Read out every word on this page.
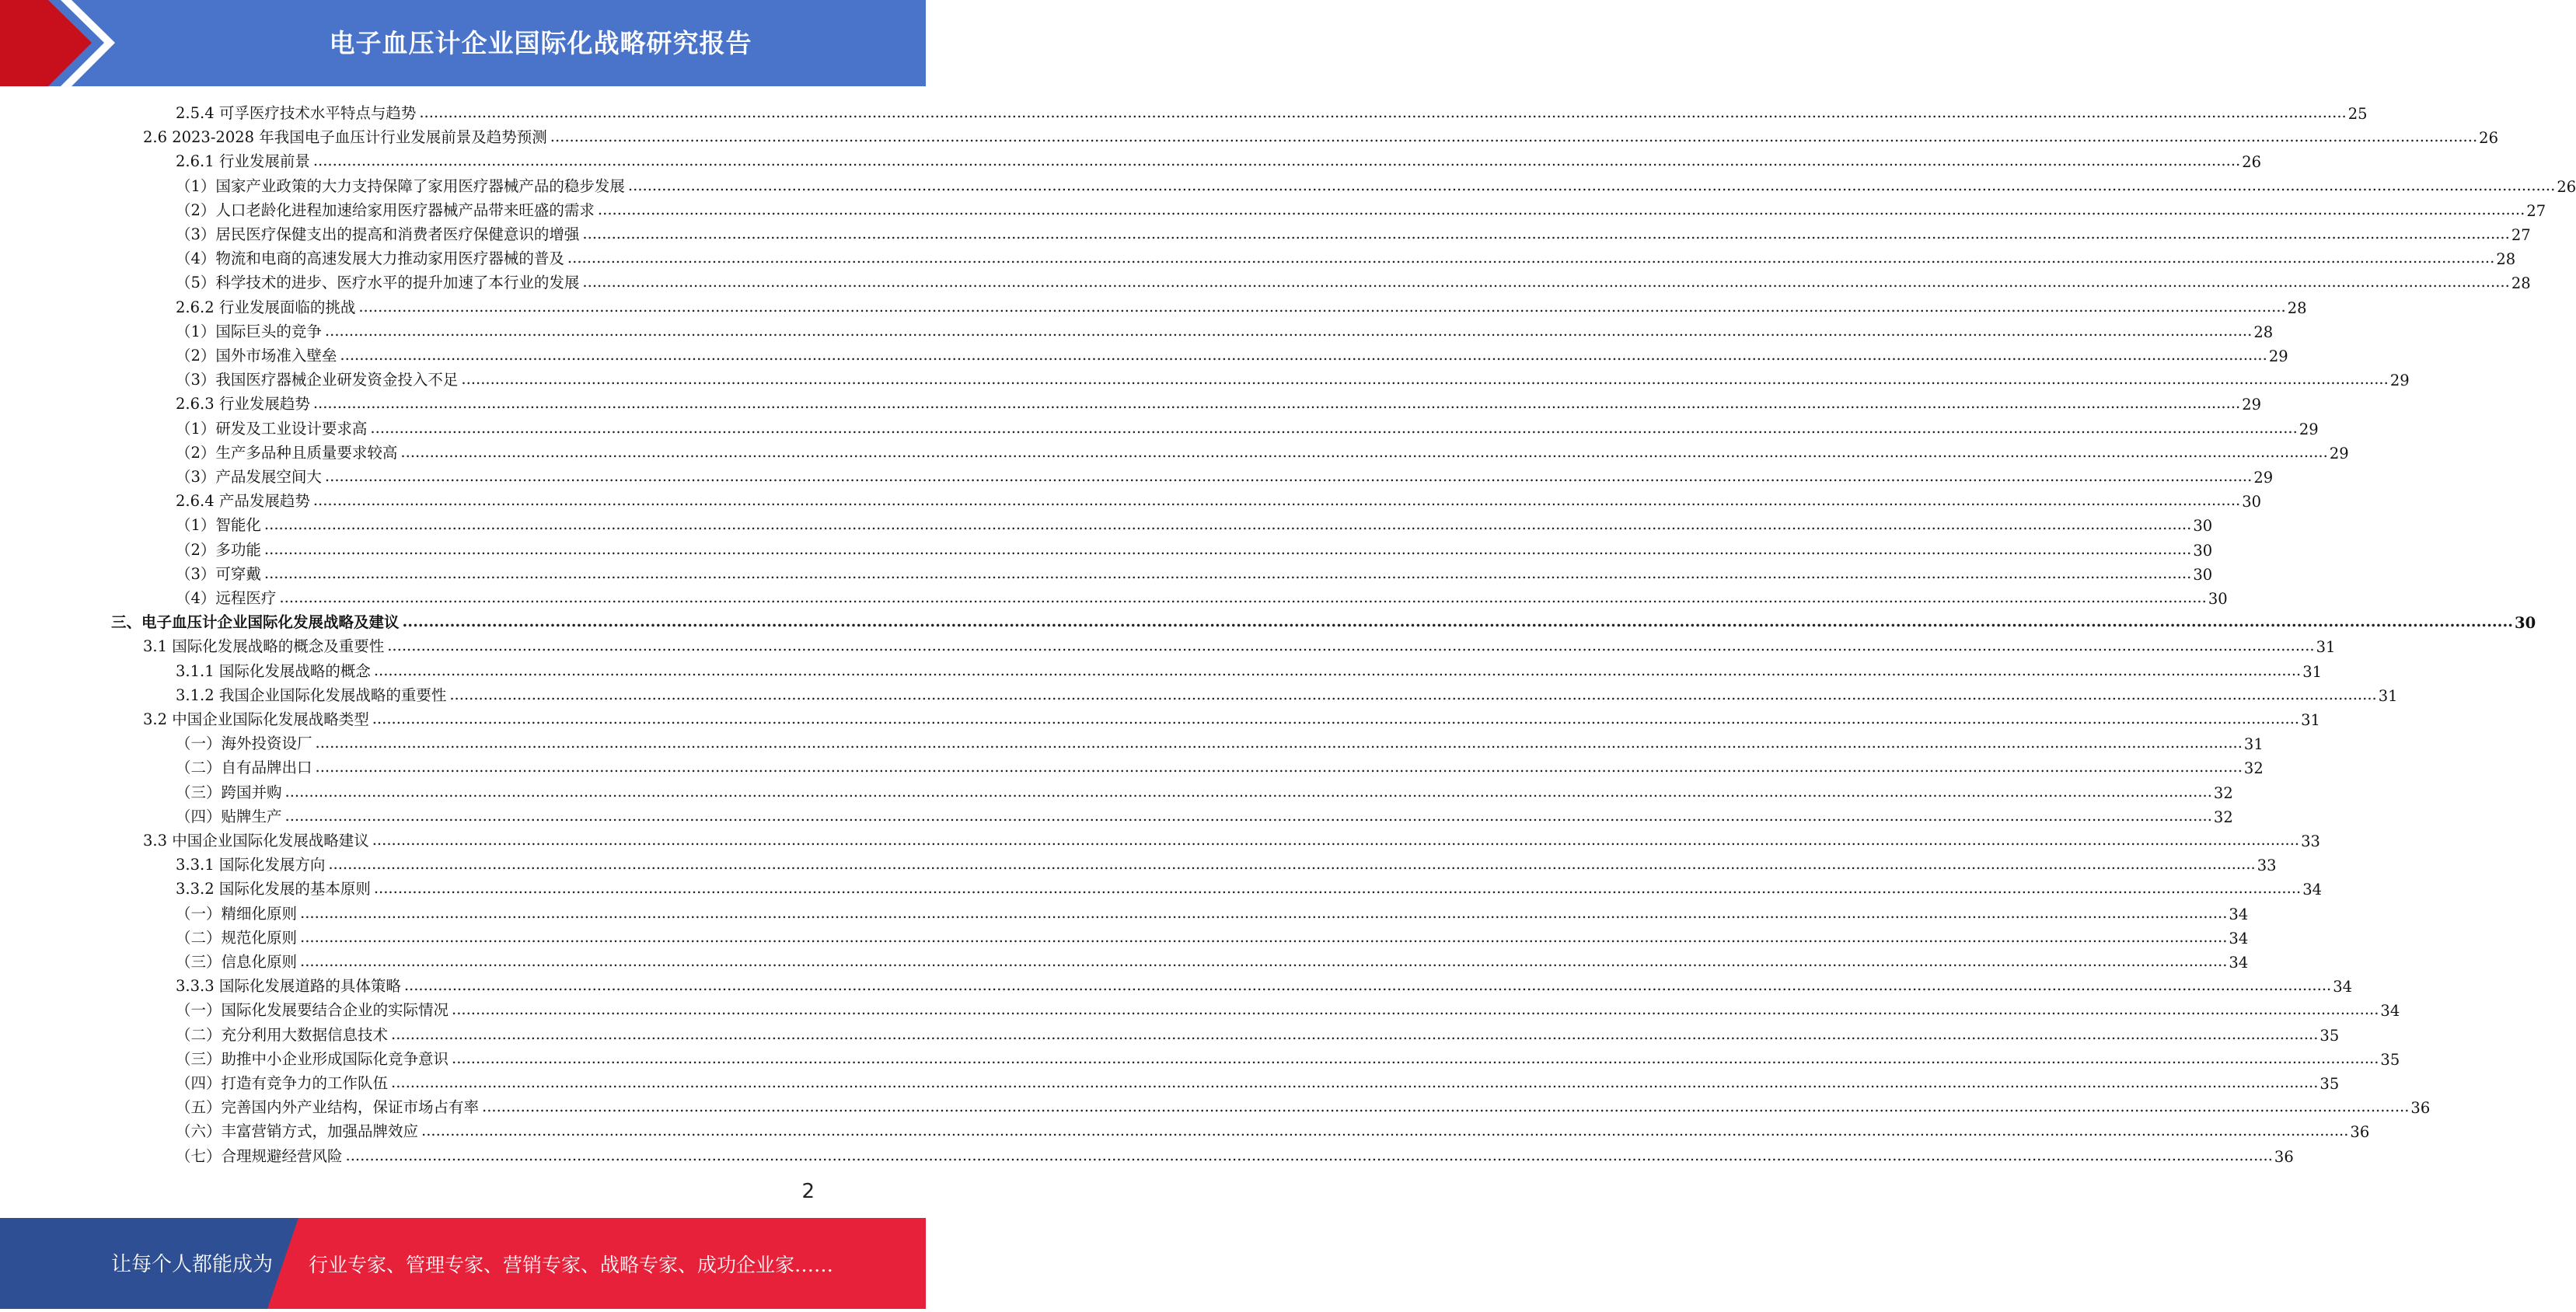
电子血压计企业国际化战略研究报告
2.5.4 可孚医疗技术水平特点与趋势 ................................................................................................................................................................................................................................................................................................................................................................................................................ 25
2.6 2023-2028 年我国电子血压计行业发展前景及趋势预测 ................................................................................................................................................................................................................................................................................................................................................................................................................ 26
2.6.1 行业发展前景 ................................................................................................................................................................................................................................................................................................................................................................................................................ 26
（1）国家产业政策的大力支持保障了家用医疗器械产品的稳步发展 ................................................................................................................................................................................................................................................................................................................................................................................................................ 26
（2）人口老龄化进程加速给家用医疗器械产品带来旺盛的需求 ................................................................................................................................................................................................................................................................................................................................................................................................................ 27
（3）居民医疗保健支出的提高和消费者医疗保健意识的增强 ................................................................................................................................................................................................................................................................................................................................................................................................................ 27
（4）物流和电商的高速发展大力推动家用医疗器械的普及 ................................................................................................................................................................................................................................................................................................................................................................................................................ 28
（5）科学技术的进步、医疗水平的提升加速了本行业的发展 ................................................................................................................................................................................................................................................................................................................................................................................................................ 28
2.6.2 行业发展面临的挑战 ................................................................................................................................................................................................................................................................................................................................................................................................................ 28
（1）国际巨头的竞争 ................................................................................................................................................................................................................................................................................................................................................................................................................ 28
（2）国外市场准入壁垒 ................................................................................................................................................................................................................................................................................................................................................................................................................ 29
（3）我国医疗器械企业研发资金投入不足 ................................................................................................................................................................................................................................................................................................................................................................................................................ 29
2.6.3 行业发展趋势 ................................................................................................................................................................................................................................................................................................................................................................................................................ 29
（1）研发及工业设计要求高 ................................................................................................................................................................................................................................................................................................................................................................................................................ 29
（2）生产多品种且质量要求较高 ................................................................................................................................................................................................................................................................................................................................................................................................................ 29
（3）产品发展空间大 ................................................................................................................................................................................................................................................................................................................................................................................................................ 29
2.6.4 产品发展趋势 ................................................................................................................................................................................................................................................................................................................................................................................................................ 30
（1）智能化 ................................................................................................................................................................................................................................................................................................................................................................................................................ 30
（2）多功能 ................................................................................................................................................................................................................................................................................................................................................................................................................ 30
（3）可穿戴 ................................................................................................................................................................................................................................................................................................................................................................................................................ 30
（4）远程医疗 ................................................................................................................................................................................................................................................................................................................................................................................................................ 30
三、电子血压计企业国际化发展战略及建议 ................................................................................................................................................................................................................................................................................................................................................................................................................ 30
3.1 国际化发展战略的概念及重要性 ................................................................................................................................................................................................................................................................................................................................................................................................................ 31
3.1.1 国际化发展战略的概念 ................................................................................................................................................................................................................................................................................................................................................................................................................ 31
3.1.2 我国企业国际化发展战略的重要性 ................................................................................................................................................................................................................................................................................................................................................................................................................ 31
3.2 中国企业国际化发展战略类型 ................................................................................................................................................................................................................................................................................................................................................................................................................ 31
（一）海外投资设厂 ................................................................................................................................................................................................................................................................................................................................................................................................................ 31
（二）自有品牌出口 ................................................................................................................................................................................................................................................................................................................................................................................................................ 32
（三）跨国并购 ................................................................................................................................................................................................................................................................................................................................................................................................................ 32
（四）贴牌生产 ................................................................................................................................................................................................................................................................................................................................................................................................................ 32
3.3 中国企业国际化发展战略建议 ................................................................................................................................................................................................................................................................................................................................................................................................................ 33
3.3.1 国际化发展方向 ................................................................................................................................................................................................................................................................................................................................................................................................................ 33
3.3.2 国际化发展的基本原则 ................................................................................................................................................................................................................................................................................................................................................................................................................ 34
（一）精细化原则 ................................................................................................................................................................................................................................................................................................................................................................................................................ 34
（二）规范化原则 ................................................................................................................................................................................................................................................................................................................................................................................................................ 34
（三）信息化原则 ................................................................................................................................................................................................................................................................................................................................................................................................................ 34
3.3.3 国际化发展道路的具体策略 ................................................................................................................................................................................................................................................................................................................................................................................................................ 34
（一）国际化发展要结合企业的实际情况 ................................................................................................................................................................................................................................................................................................................................................................................................................ 34
（二）充分利用大数据信息技术 ................................................................................................................................................................................................................................................................................................................................................................................................................ 35
（三）助推中小企业形成国际化竞争意识 ................................................................................................................................................................................................................................................................................................................................................................................................................ 35
（四）打造有竞争力的工作队伍 ................................................................................................................................................................................................................................................................................................................................................................................................................ 35
（五）完善国内外产业结构，保证市场占有率 ................................................................................................................................................................................................................................................................................................................................................................................................................ 36
（六）丰富营销方式，加强品牌效应 ................................................................................................................................................................................................................................................................................................................................................................................................................ 36
（七）合理规避经营风险 ................................................................................................................................................................................................................................................................................................................................................................................................................ 36
2
让每个人都能成为 行业专家、管理专家、营销专家、战略专家、成功企业家……
